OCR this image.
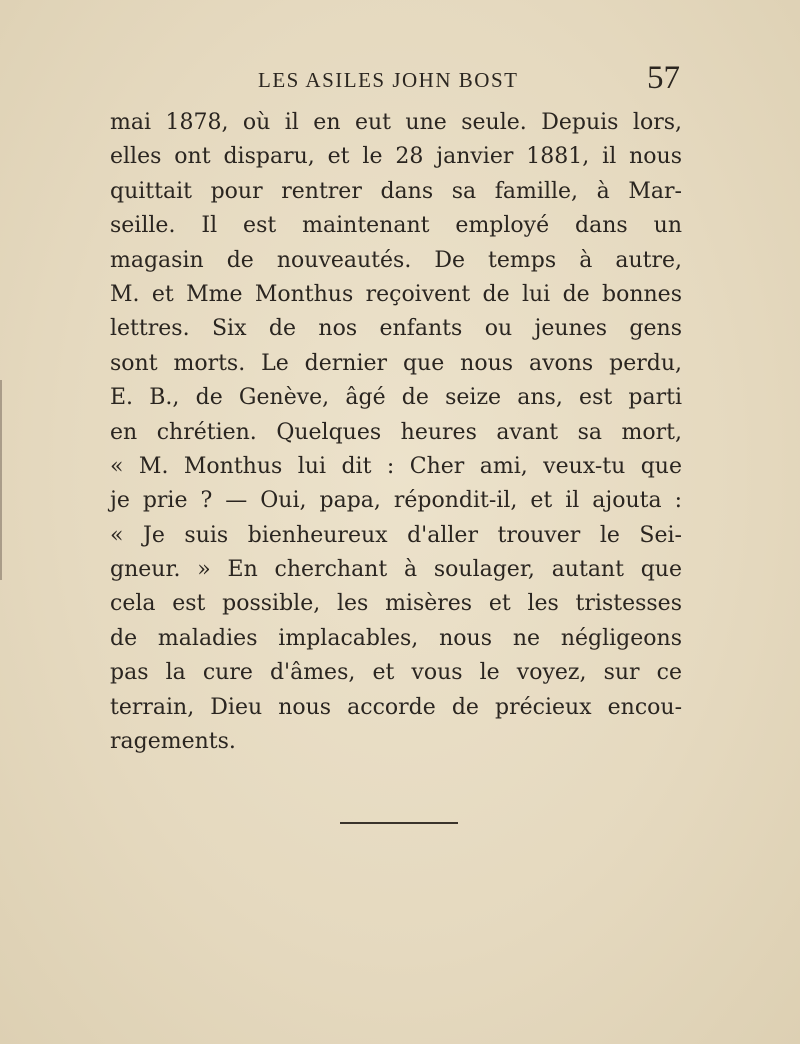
LES ASILES JOHN BOST	57
mai 1878, où il en eut une seule. Depuis lors,
elles ont disparu, et le 28 janvier 1881, il nous
quittait pour rentrer dans sa famille, à Mar-
seille. Il est maintenant employé dans un
magasin de nouveautés. De temps à autre,
M. et Mme Monthus reçoivent de lui de bonnes
lettres. Six de nos enfants ou jeunes gens
sont morts. Le dernier que nous avons perdu,
E. B., de Genève, âgé de seize ans, est parti
en chrétien. Quelques heures avant sa mort,
« M. Monthus lui dit : Cher ami, veux-tu que
je prie ? — Oui, papa, répondit-il, et il ajouta :
« Je suis bienheureux d'aller trouver le Sei-
gneur. » En cherchant à soulager, autant que
cela est possible, les misères et les tristesses
de maladies implacables, nous ne négligeons
pas la cure d'âmes, et vous le voyez, sur ce
terrain, Dieu nous accorde de précieux encou-
ragements.
